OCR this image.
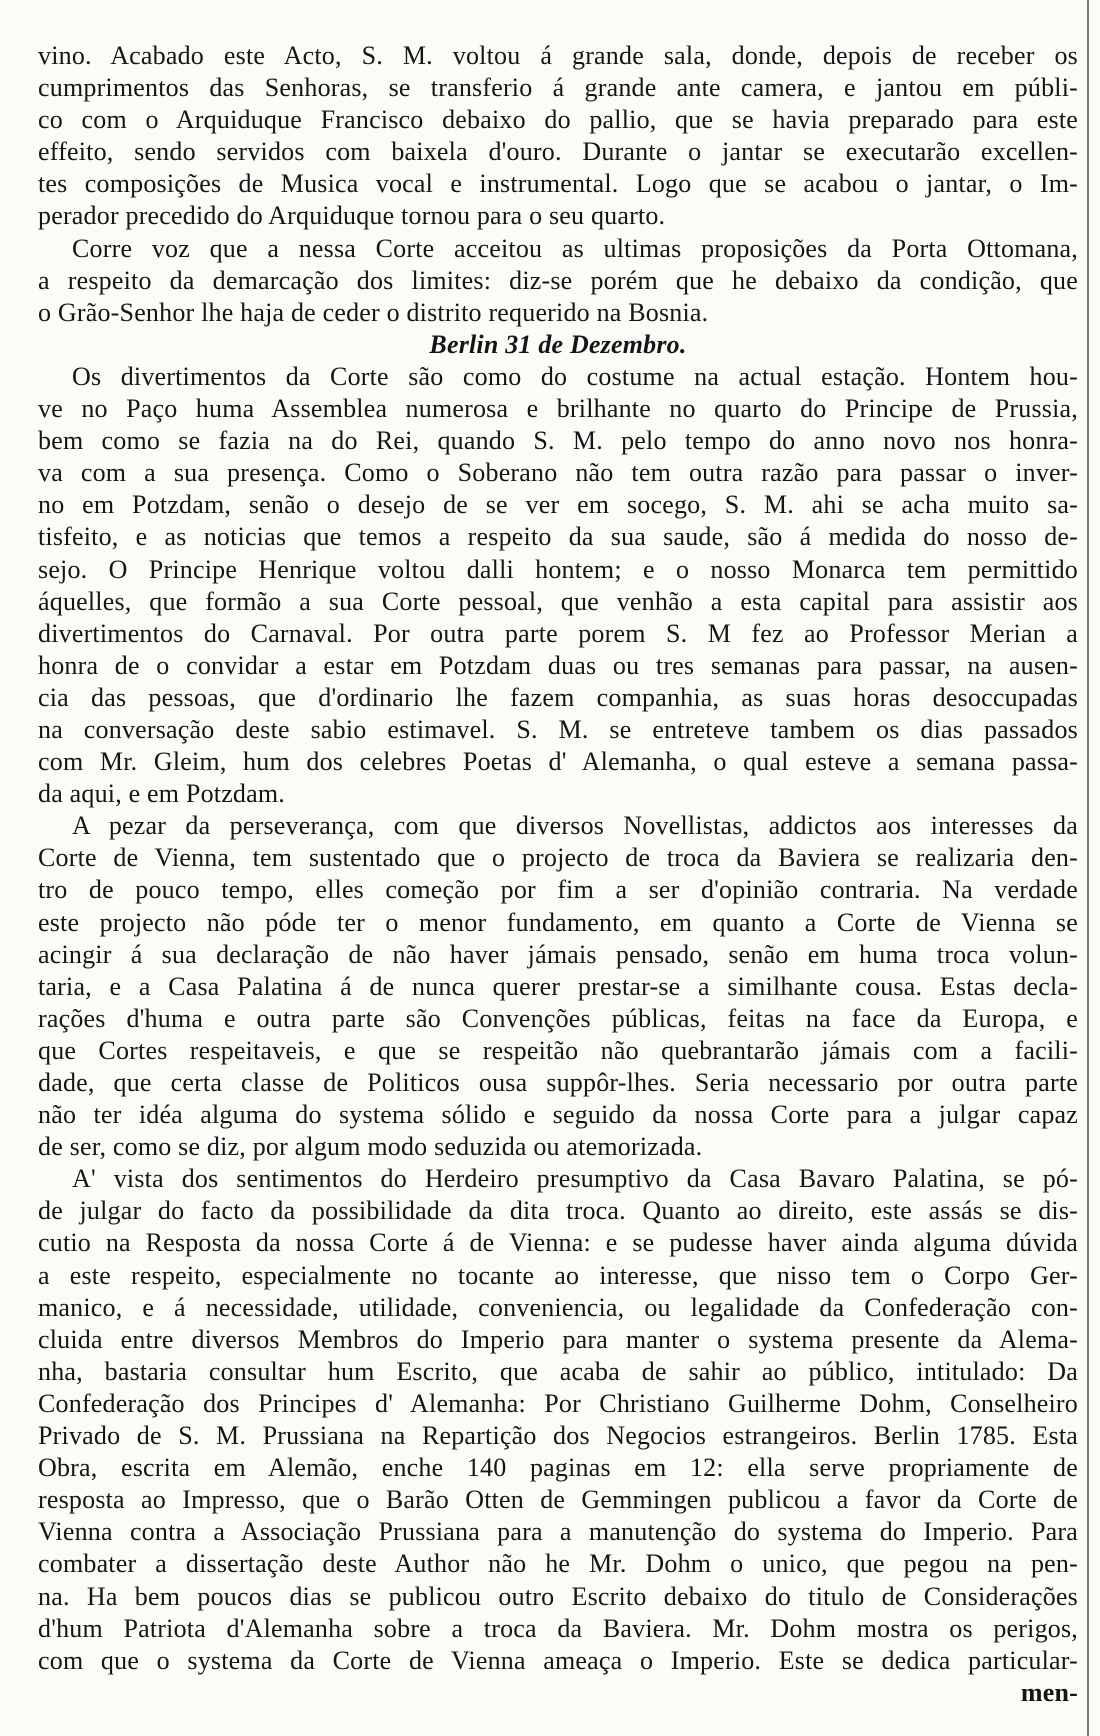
vino. Acabado este Acto, S. M. voltou á grande sala, donde, depois de receber os
cumprimentos das Senhoras, se transferio á grande ante camera, e jantou em públi-
co com o Arquiduque Francisco debaixo do pallio, que se havia preparado para este
effeito, sendo servidos com baixela d'ouro. Durante o jantar se executarão excellen-
tes composições de Musica vocal e instrumental. Logo que se acabou o jantar, o Im-
perador precedido do Arquiduque tornou para o seu quarto.
Corre voz que a nessa Corte acceitou as ultimas proposições da Porta Ottomana,
a respeito da demarcação dos limites: diz-se porém que he debaixo da condição, que
o Grão-Senhor lhe haja de ceder o distrito requerido na Bosnia.
Berlin 31 de Dezembro.
Os divertimentos da Corte são como do costume na actual estação. Hontem hou-
ve no Paço huma Assemblea numerosa e brilhante no quarto do Principe de Prussia,
bem como se fazia na do Rei, quando S. M. pelo tempo do anno novo nos honra-
va com a sua presença. Como o Soberano não tem outra razão para passar o inver-
no em Potzdam, senão o desejo de se ver em socego, S. M. ahi se acha muito sa-
tisfeito, e as noticias que temos a respeito da sua saude, são á medida do nosso de-
sejo. O Principe Henrique voltou dalli hontem; e o nosso Monarca tem permittido
áquelles, que formão a sua Corte pessoal, que venhão a esta capital para assistir aos
divertimentos do Carnaval. Por outra parte porem S. M fez ao Professor Merian a
honra de o convidar a estar em Potzdam duas ou tres semanas para passar, na ausen-
cia das pessoas, que d'ordinario lhe fazem companhia, as suas horas desoccupadas
na conversação deste sabio estimavel. S. M. se entreteve tambem os dias passados
com Mr. Gleim, hum dos celebres Poetas d' Alemanha, o qual esteve a semana passa-
da aqui, e em Potzdam.
A pezar da perseverança, com que diversos Novellistas, addictos aos interesses da
Corte de Vienna, tem sustentado que o projecto de troca da Baviera se realizaria den-
tro de pouco tempo, elles começão por fim a ser d'opinião contraria. Na verdade
este projecto não póde ter o menor fundamento, em quanto a Corte de Vienna se
acingir á sua declaração de não haver jámais pensado, senão em huma troca volun-
taria, e a Casa Palatina á de nunca querer prestar-se a similhante cousa. Estas decla-
rações d'huma e outra parte são Convenções públicas, feitas na face da Europa, e
que Cortes respeitaveis, e que se respeitão não quebrantarão jámais com a facili-
dade, que certa classe de Politicos ousa suppôr-lhes. Seria necessario por outra parte
não ter idéa alguma do systema sólido e seguido da nossa Corte para a julgar capaz
de ser, como se diz, por algum modo seduzida ou atemorizada.
A' vista dos sentimentos do Herdeiro presumptivo da Casa Bavaro Palatina, se pó-
de julgar do facto da possibilidade da dita troca. Quanto ao direito, este assás se dis-
cutio na Resposta da nossa Corte á de Vienna: e se pudesse haver ainda alguma dúvida
a este respeito, especialmente no tocante ao interesse, que nisso tem o Corpo Ger-
manico, e á necessidade, utilidade, conveniencia, ou legalidade da Confederação con-
cluida entre diversos Membros do Imperio para manter o systema presente da Alema-
nha, bastaria consultar hum Escrito, que acaba de sahir ao público, intitulado: Da
Confederação dos Principes d' Alemanha: Por Christiano Guilherme Dohm, Conselheiro
Privado de S. M. Prussiana na Repartição dos Negocios estrangeiros. Berlin 1785. Esta
Obra, escrita em Alemão, enche 140 paginas em 12: ella serve propriamente de
resposta ao Impresso, que o Barão Otten de Gemmingen publicou a favor da Corte de
Vienna contra a Associação Prussiana para a manutenção do systema do Imperio. Para
combater a dissertação deste Author não he Mr. Dohm o unico, que pegou na pen-
na. Ha bem poucos dias se publicou outro Escrito debaixo do titulo de Considerações
d'hum Patriota d'Alemanha sobre a troca da Baviera. Mr. Dohm mostra os perigos,
com que o systema da Corte de Vienna ameaça o Imperio. Este se dedica particular-
men-
